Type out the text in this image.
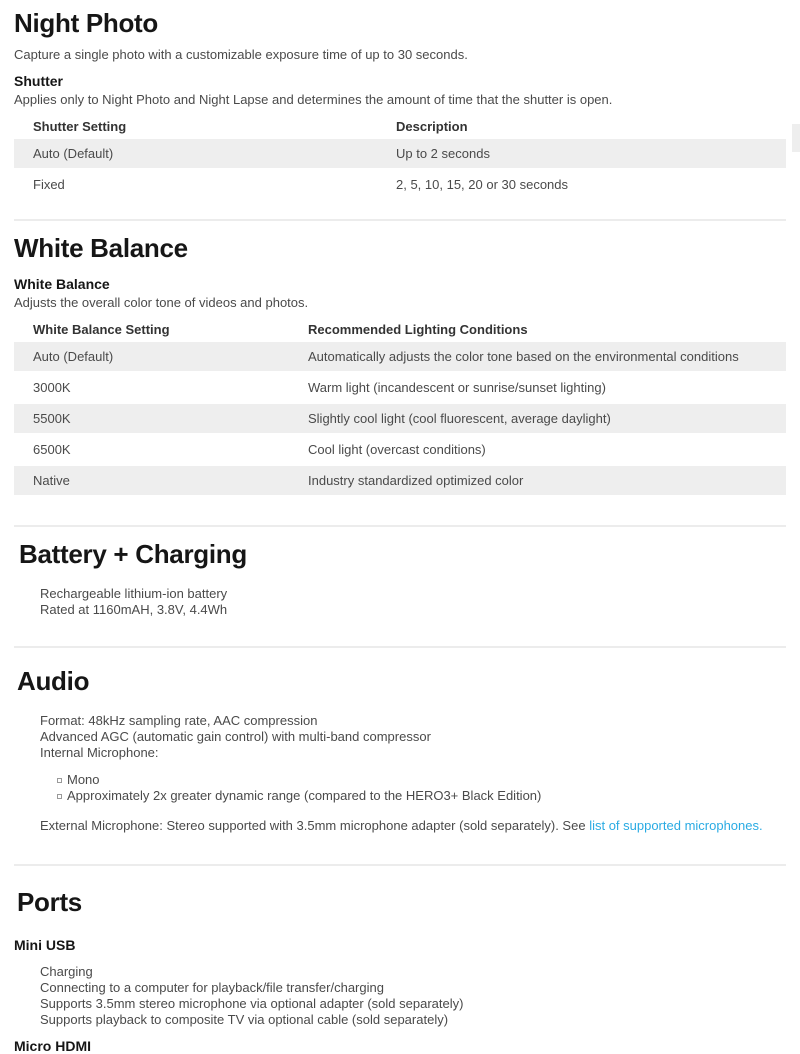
Night Photo

Capture a single photo with a customizable exposure time of up to 30 seconds.

Shutter

Applies only to Night Photo and Night Lapse and determines the amount of time that the shutter is open.

Shutter Setting	Description
Auto (Default)	Up to 2 seconds
Fixed	2, 5, 10, 15, 20 or 30 seconds
White Balance
White Balance

Adjusts the overall color tone of videos and photos.

White Balance Setting	Recommended Lighting Conditions
Auto (Default)	Automatically adjusts the color tone based on the environmental conditions
3000K	Warm light (incandescent or sunrise/sunset lighting)
5500K	Slightly cool light (cool fluorescent, average daylight)
6500K	Cool light (overcast conditions)
Native	Industry standardized optimized color
Battery + Charging
Rechargeable lithium-ion battery
Rated at 1160mAH, 3.8V, 4.4Wh
Audio
Format: 48kHz sampling rate, AAC compression
Advanced AGC (automatic gain control) with multi-band compressor
Internal Microphone:
Mono
Approximately 2x greater dynamic range (compared to the HERO3+ Black Edition)

External Microphone: Stereo supported with 3.5mm microphone adapter (sold separately). See list of supported microphones.

Ports
Mini USB
Charging
Connecting to a computer for playback/file transfer/charging
Supports 3.5mm stereo microphone via optional adapter (sold separately)
Supports playback to composite TV via optional cable (sold separately)
Micro HDMI
